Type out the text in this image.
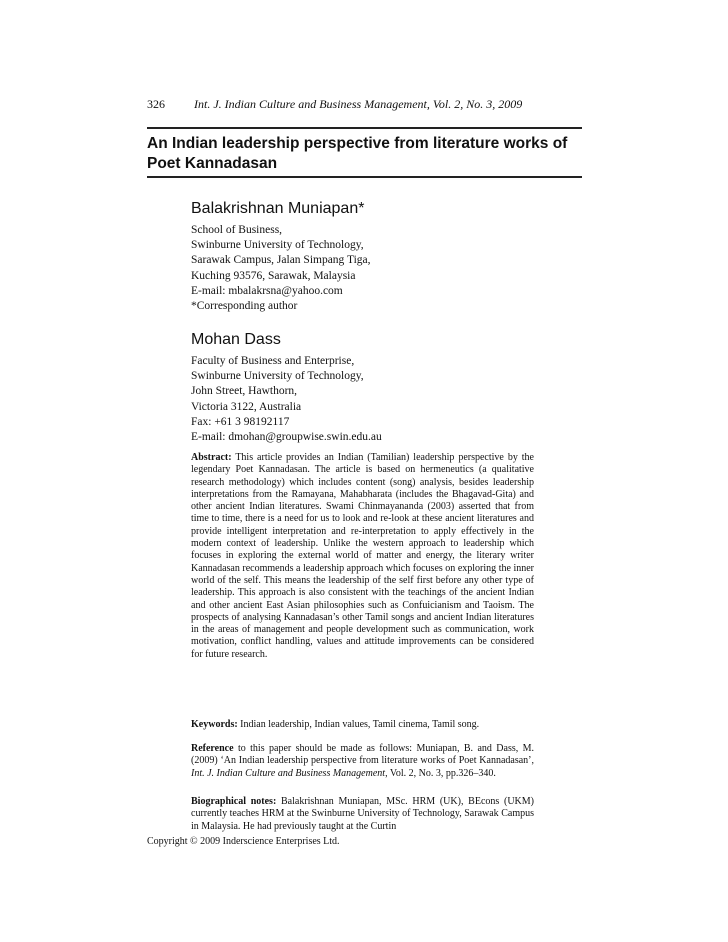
326 Int. J. Indian Culture and Business Management, Vol. 2, No. 3, 2009
An Indian leadership perspective from literature works of Poet Kannadasan
Balakrishnan Muniapan*
School of Business,
Swinburne University of Technology,
Sarawak Campus, Jalan Simpang Tiga,
Kuching 93576, Sarawak, Malaysia
E-mail: mbalakrsna@yahoo.com
*Corresponding author
Mohan Dass
Faculty of Business and Enterprise,
Swinburne University of Technology,
John Street, Hawthorn,
Victoria 3122, Australia
Fax: +61 3 98192117
E-mail: dmohan@groupwise.swin.edu.au
Abstract: This article provides an Indian (Tamilian) leadership perspective by the legendary Poet Kannadasan. The article is based on hermeneutics (a qualitative research methodology) which includes content (song) analysis, besides leadership interpretations from the Ramayana, Mahabharata (includes the Bhagavad-Gita) and other ancient Indian literatures. Swami Chinmayananda (2003) asserted that from time to time, there is a need for us to look and re-look at these ancient literatures and provide intelligent interpretation and re-interpretation to apply effectively in the modern context of leadership. Unlike the western approach to leadership which focuses in exploring the external world of matter and energy, the literary writer Kannadasan recommends a leadership approach which focuses on exploring the inner world of the self. This means the leadership of the self first before any other type of leadership. This approach is also consistent with the teachings of the ancient Indian and other ancient East Asian philosophies such as Confuicianism and Taoism. The prospects of analysing Kannadasan’s other Tamil songs and ancient Indian literatures in the areas of management and people development such as communication, work motivation, conflict handling, values and attitude improvements can be considered for future research.
Keywords: Indian leadership, Indian values, Tamil cinema, Tamil song.
Reference to this paper should be made as follows: Muniapan, B. and Dass, M. (2009) ‘An Indian leadership perspective from literature works of Poet Kannadasan’, Int. J. Indian Culture and Business Management, Vol. 2, No. 3, pp.326–340.
Biographical notes: Balakrishnan Muniapan, MSc. HRM (UK), BEcons (UKM) currently teaches HRM at the Swinburne University of Technology, Sarawak Campus in Malaysia. He had previously taught at the Curtin
Copyright © 2009 Inderscience Enterprises Ltd.
